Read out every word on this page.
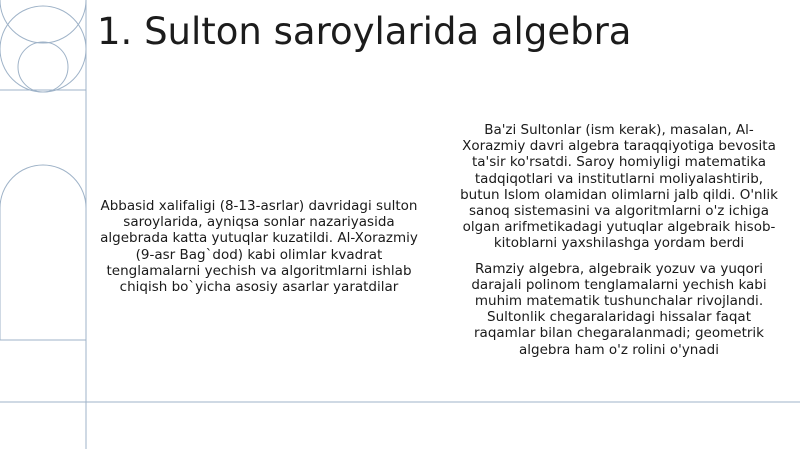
1. Sulton saroylarida algebra

Abbasid xalifaligi (8-13-asrlar) davridagi sulton saroylarida, ayniqsa sonlar nazariyasida algebrada katta yutuqlar kuzatildi. Al-Xorazmiy (9-asr Bag`dod) kabi olimlar kvadrat tenglamalarni yechish va algoritmlarni ishlab chiqish bo`yicha asosiy asarlar yaratdilar

Ba'zi Sultonlar (ism kerak), masalan, Al-Xorazmiy davri algebra taraqqiyotiga bevosita ta'sir ko'rsatdi. Saroy homiyligi matematika tadqiqotlari va institutlarni moliyalashtirib, butun Islom olamidan olimlarni jalb qildi. O'nlik sanoq sistemasini va algoritmlarni o'z ichiga olgan arifmetikadagi yutuqlar algebraik hisob-kitoblarni yaxshilashga yordam berdi

Ramziy algebra, algebraik yozuv va yuqori darajali polinom tenglamalarni yechish kabi muhim matematik tushunchalar rivojlandi. Sultonlik chegaralaridagi hissalar faqat raqamlar bilan chegaralanmadi; geometrik algebra ham o'z rolini o'ynadi
